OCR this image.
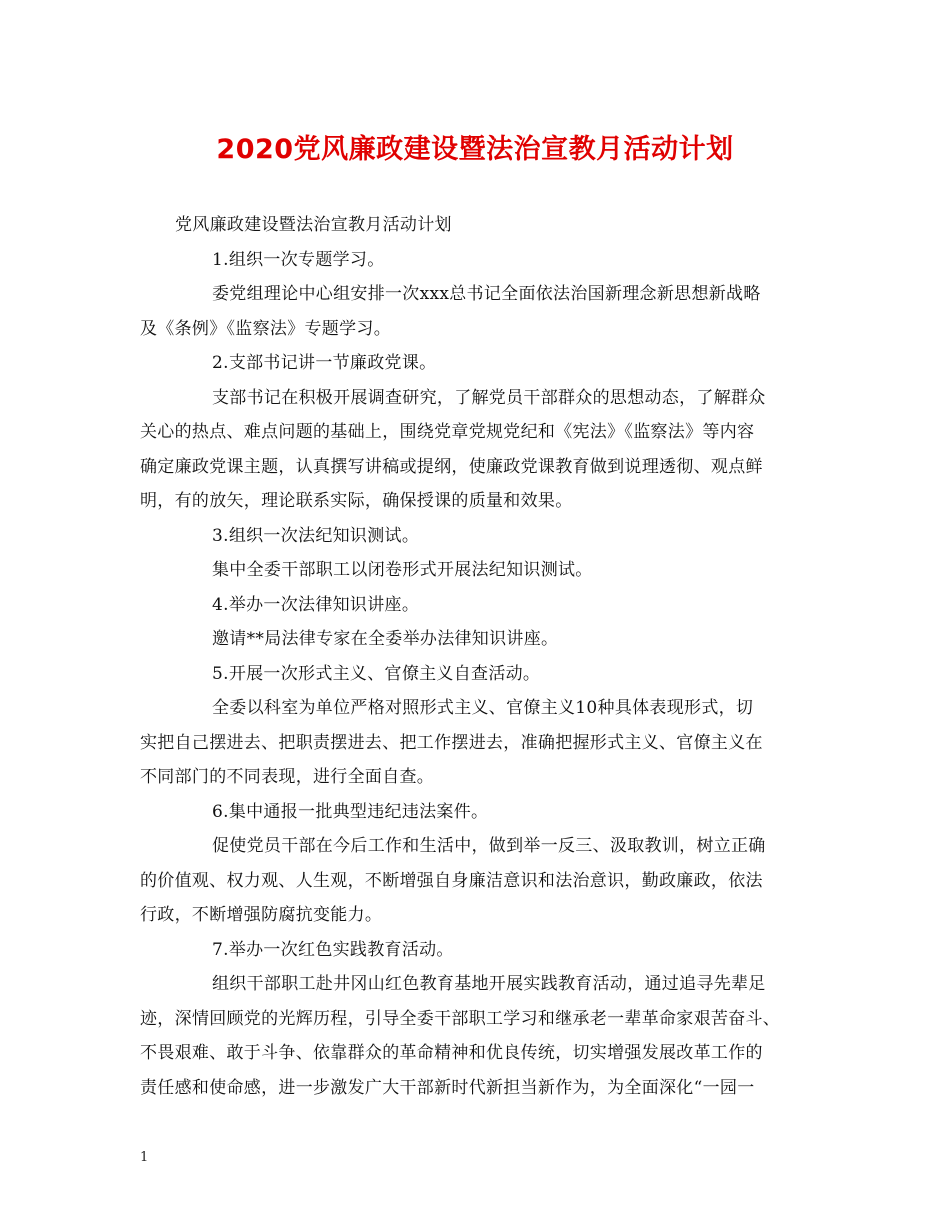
2020党风廉政建设暨法治宣教月活动计划
党风廉政建设暨法治宣教月活动计划
1.组织一次专题学习。
委党组理论中心组安排一次xxx总书记全面依法治国新理念新思想新战略
及《条例》《监察法》专题学习。
2.支部书记讲一节廉政党课。
支部书记在积极开展调查研究，了解党员干部群众的思想动态，了解群众
关心的热点、难点问题的基础上，围绕党章党规党纪和《宪法》《监察法》等内容
确定廉政党课主题，认真撰写讲稿或提纲，使廉政党课教育做到说理透彻、观点鲜
明，有的放矢，理论联系实际，确保授课的质量和效果。
3.组织一次法纪知识测试。
集中全委干部职工以闭卷形式开展法纪知识测试。
4.举办一次法律知识讲座。
邀请**局法律专家在全委举办法律知识讲座。
5.开展一次形式主义、官僚主义自查活动。
全委以科室为单位严格对照形式主义、官僚主义10种具体表现形式，切
实把自己摆进去、把职责摆进去、把工作摆进去，准确把握形式主义、官僚主义在
不同部门的不同表现，进行全面自查。
6.集中通报一批典型违纪违法案件。
促使党员干部在今后工作和生活中，做到举一反三、汲取教训，树立正确
的价值观、权力观、人生观，不断增强自身廉洁意识和法治意识，勤政廉政，依法
行政，不断增强防腐抗变能力。
7.举办一次红色实践教育活动。
组织干部职工赴井冈山红色教育基地开展实践教育活动，通过追寻先辈足
迹，深情回顾党的光辉历程，引导全委干部职工学习和继承老一辈革命家艰苦奋斗、
不畏艰难、敢于斗争、依靠群众的革命精神和优良传统，切实增强发展改革工作的
责任感和使命感，进一步激发广大干部新时代新担当新作为，为全面深化“一园一
1
